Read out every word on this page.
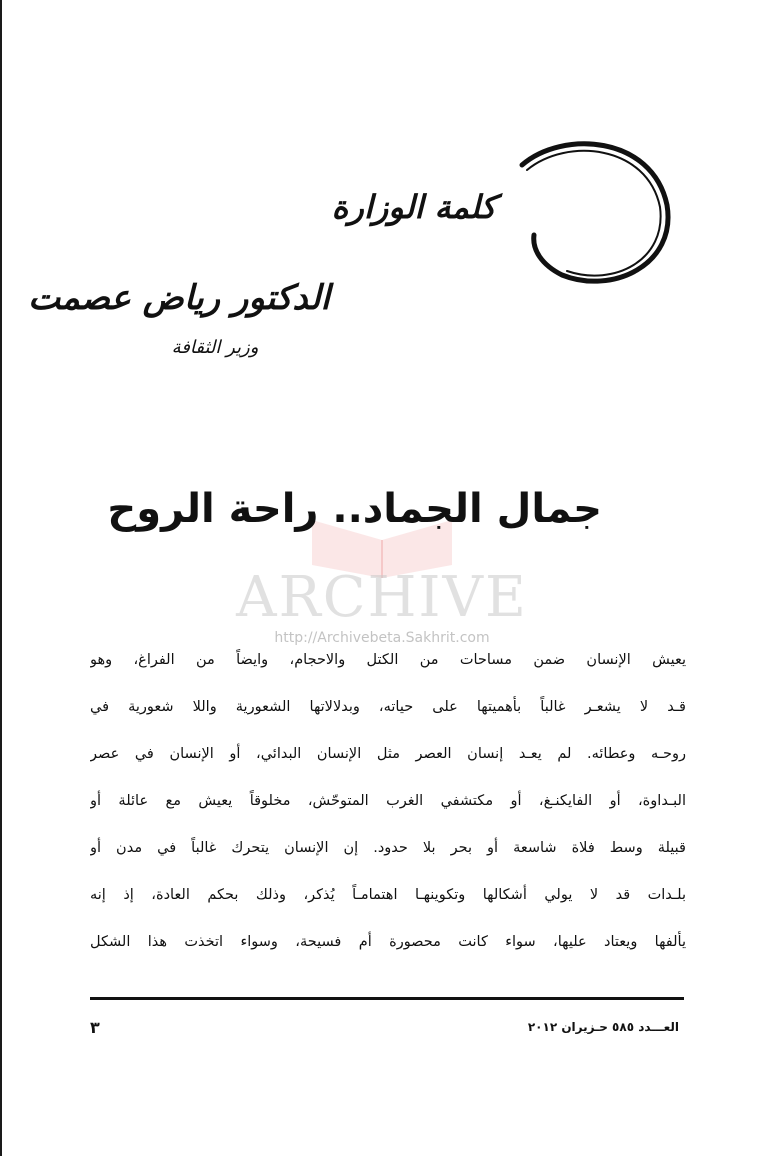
كلمة الوزارة
الدكتور رياض عصمت
وزير الثقافة
جمال الجماد.. راحة الروح
ARCHIVE
http://Archivebeta.Sakhrit.com
يعيش الإنسان ضمن مساحات من الكتل والاحجام، وايضاً من الفراغ، وهو
قـد لا يشعـر غالباً بأهميتها على حياته، وبدلالاتها الشعورية واللا شعورية في
روحـه وعطائه. لم يعـد إنسان العصر مثل الإنسان البدائي، أو الإنسان في عصر
البـداوة، أو الفايكنـغ، أو مكتشفي الغرب المتوحّش، مخلوقاً يعيش مع عائلة أو
قبيلة وسط فلاة شاسعة أو بحر بلا حدود. إن الإنسان يتحرك غالباً في مدن أو
بلـدات قد لا يولي أشكالها وتكوينهـا اهتمامـاً يُذكر، وذلك بحكم العادة، إذ إنه
يألفها ويعتاد عليها، سواء كانت محصورة أم فسيحة، وسواء اتخذت هذا الشكل
العـــدد ٥٨٥ حـزيران ٢٠١٢
٣
